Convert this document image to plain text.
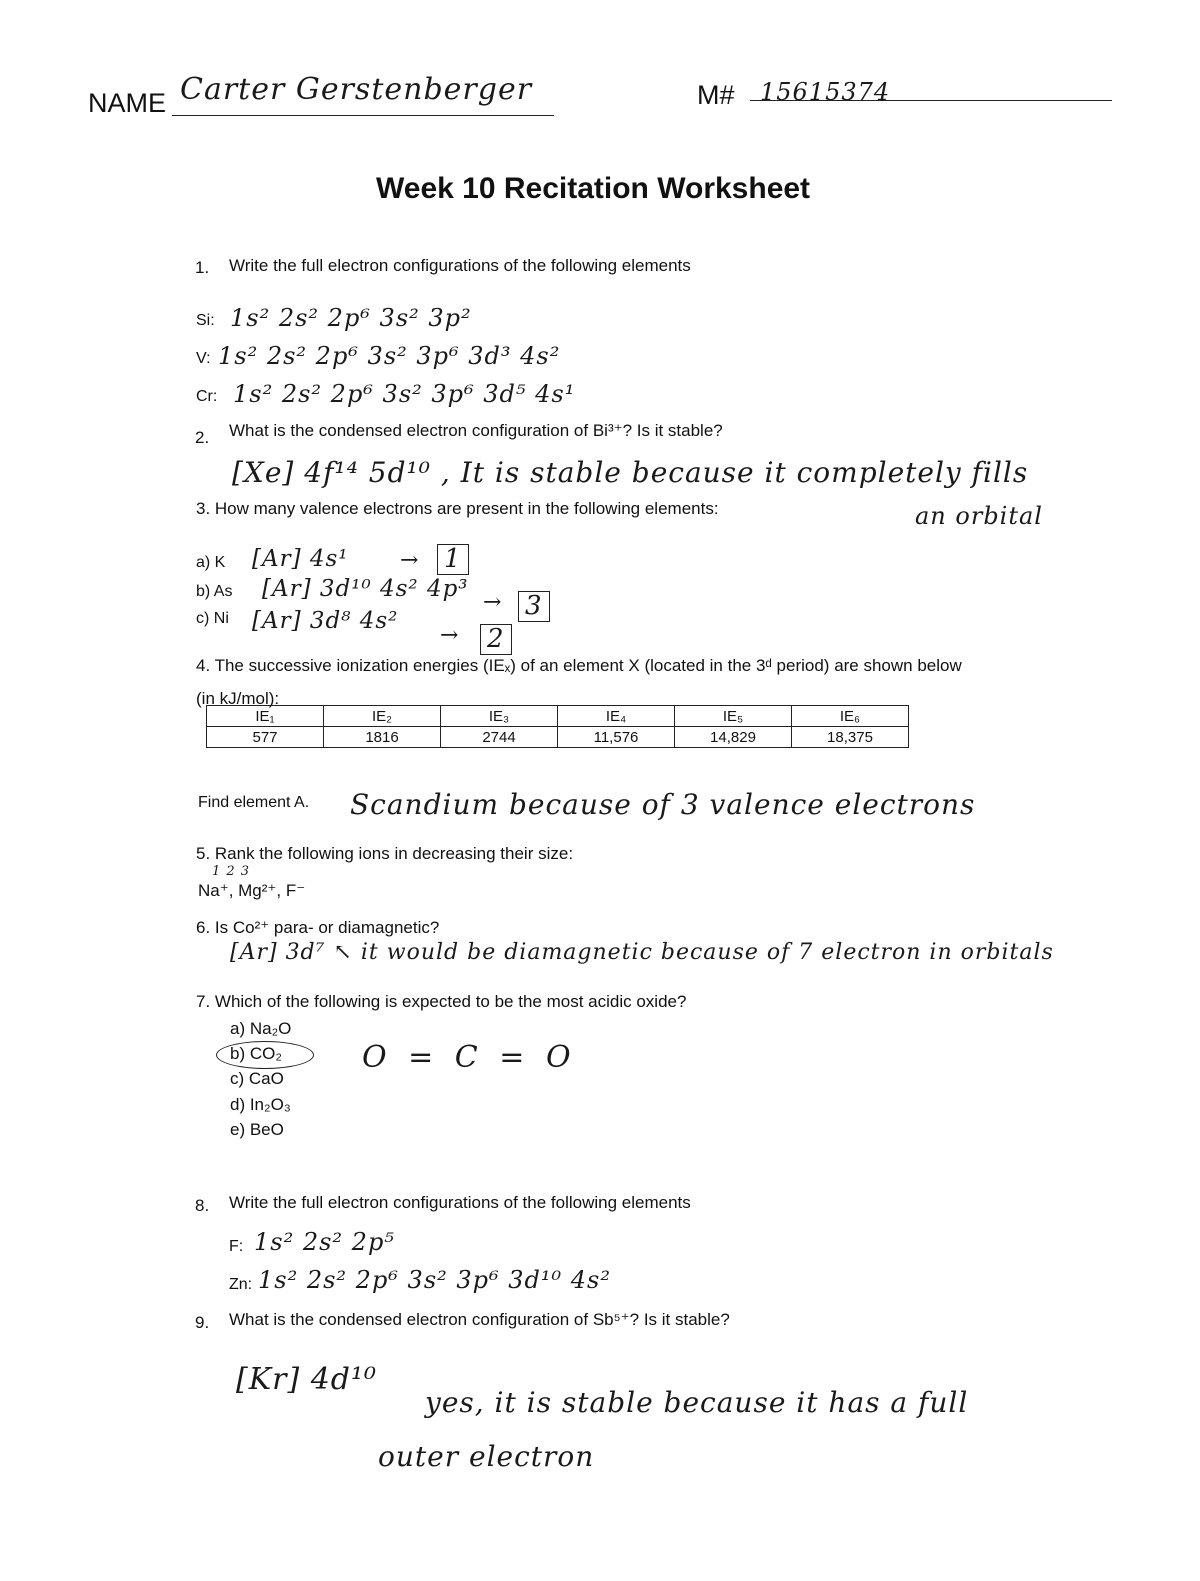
NAME Carter Gerstenberger	M# 15615374
Week 10 Recitation Worksheet
1. Write the full electron configurations of the following elements
Si: 1s² 2s² 2p⁶ 3s² 3p²
V: 1s² 2s² 2p⁶ 3s² 3p⁶ 3d³ 4s²
Cr: 1s² 2s² 2p⁶ 3s² 3p⁶ 3d⁵ 4s¹
2. What is the condensed electron configuration of Bi³⁺? Is it stable?
[Xe] 4f¹⁴ 5d¹⁰ , It is stable because it completely fills
an orbital
3. How many valence electrons are present in the following elements:
a) K [Ar] 4s¹ → 1
b) As [Ar] 3d¹⁰ 4s² 4p³
→ 3
c) Ni [Ar] 3d⁸ 4s²
→ 2
4. The successive ionization energies (IEₓ) of an element X (located in the 3ᵈ period) are shown below
(in kJ/mol):
IE₁	IE₂	IE₃	IE₄	IE₅	IE₆
577	1816	2744	11,576	14,829	18,375
Find element A. Scandium because of 3 valence electrons
5. Rank the following ions in decreasing their size:
1 2 3
Na⁺, Mg²⁺, F⁻
6. Is Co²⁺ para- or diamagnetic?
[Ar] 3d⁷ ↖ it would be diamagnetic because of 7 electron in orbitals
7. Which of the following is expected to be the most acidic oxide?
a) Na₂O
b) CO₂
c) CaO
d) In₂O₃
e) BeO
O = C = O
8. Write the full electron configurations of the following elements
F: 1s² 2s² 2p⁵
Zn: 1s² 2s² 2p⁶ 3s² 3p⁶ 3d¹⁰ 4s²
9. What is the condensed electron configuration of Sb⁵⁺? Is it stable?
[Kr] 4d¹⁰
yes, it is stable because it has a full
outer electron
